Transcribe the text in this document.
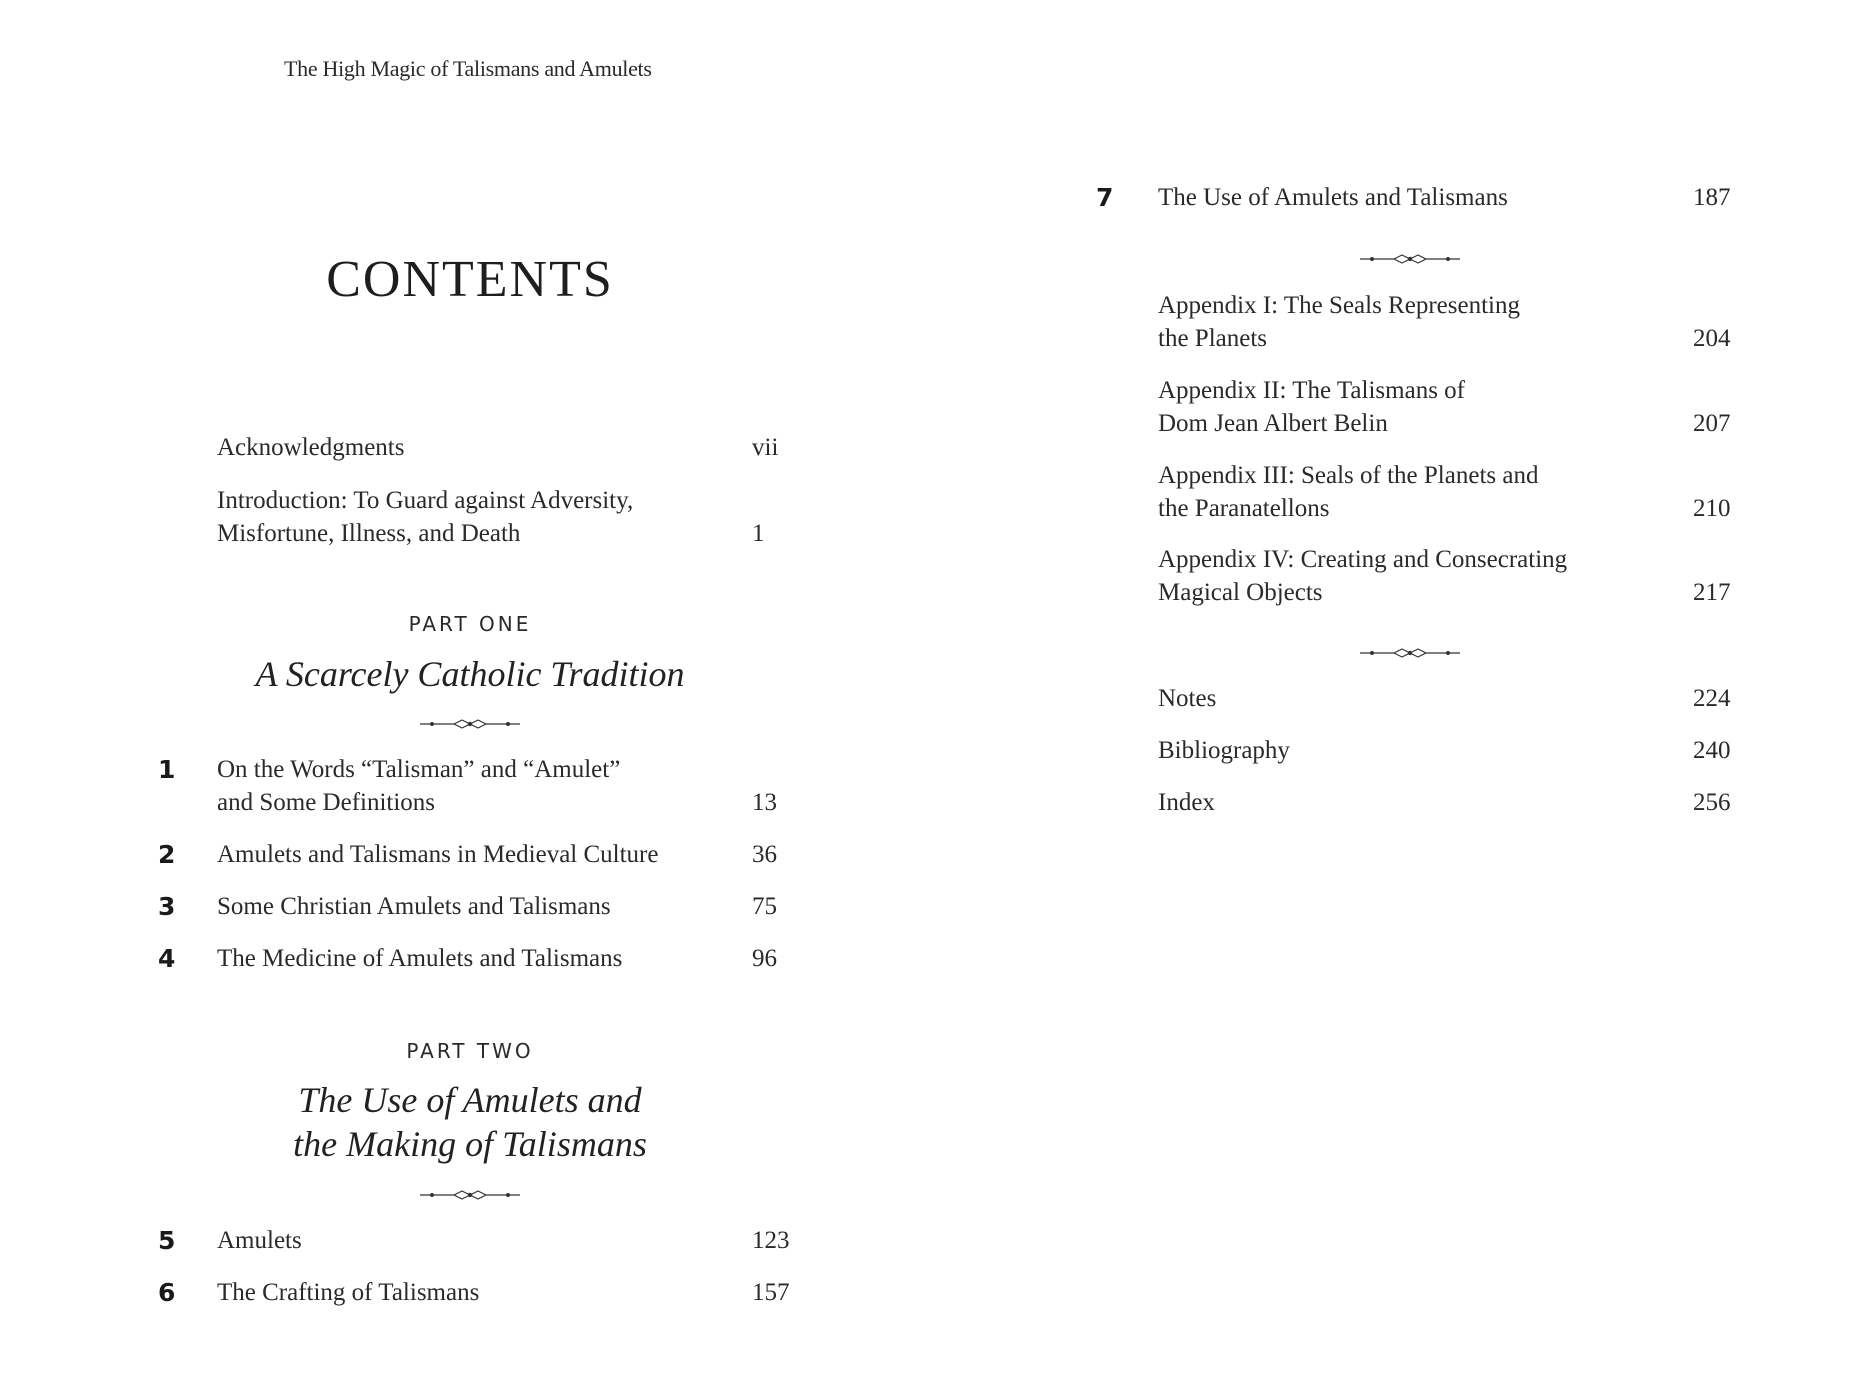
The High Magic of Talismans and Amulets
CONTENTS
Acknowledgments	vii
Introduction: To Guard against Adversity,
Misfortune, Illness, and Death	1
PART ONE
A Scarcely Catholic Tradition
1 On the Words “Talisman” and “Amulet”
and Some Definitions	13
2 Amulets and Talismans in Medieval Culture	36
3 Some Christian Amulets and Talismans	75
4 The Medicine of Amulets and Talismans	96
PART TWO
The Use of Amulets and
the Making of Talismans
5 Amulets	123
6 The Crafting of Talismans	157
7 The Use of Amulets and Talismans	187
Appendix I: The Seals Representing
the Planets	204
Appendix II: The Talismans of
Dom Jean Albert Belin	207
Appendix III: Seals of the Planets and
the Paranatellons	210
Appendix IV: Creating and Consecrating
Magical Objects	217
Notes	224
Bibliography	240
Index	256
